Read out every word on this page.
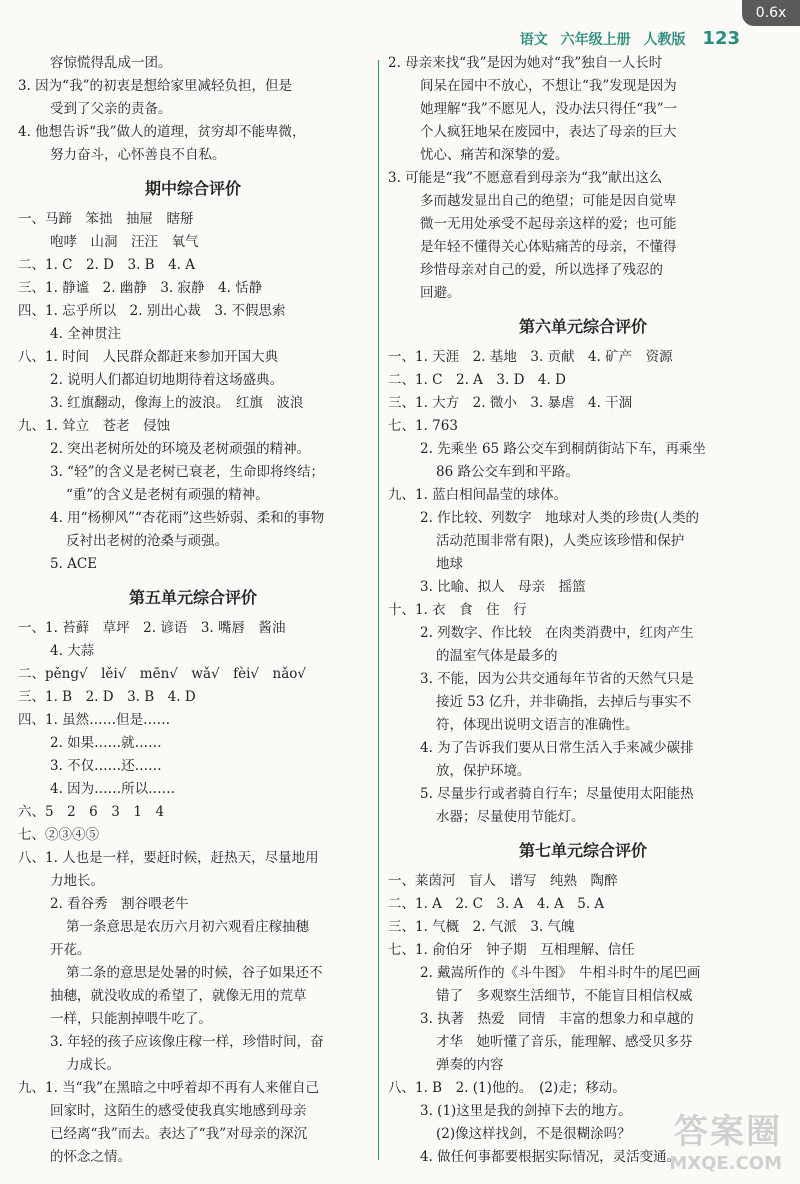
0.6x
语文 六年级上册 人教版 123
容惊慌得乱成一团。
3. 因为“我”的初衷是想给家里减轻负担，但是
受到了父亲的责备。
4. 他想告诉“我”做人的道理，贫穷却不能卑微，
努力奋斗，心怀善良不自私。
期中综合评价
一、马蹄　笨拙　抽屉　瞎掰
咆哮　山洞　汪汪　氧气
二、1. C　2. D　3. B　4. A
三、1. 静谧　2. 幽静　3. 寂静　4. 恬静
四、1. 忘乎所以　2. 别出心裁　3. 不假思索
4. 全神贯注
八、1. 时间　人民群众都赶来参加开国大典
2. 说明人们都迫切地期待着这场盛典。
3. 红旗翻动，像海上的波浪。　红旗　波浪
九、1. 耸立　苍老　侵蚀
2. 突出老树所处的环境及老树顽强的精神。
3. “轻”的含义是老树已衰老，生命即将终结；
“重”的含义是老树有顽强的精神。
4. 用“杨柳风”“杏花雨”这些娇弱、柔和的事物
反衬出老树的沧桑与顽强。
5. ACE
第五单元综合评价
一、1. 苔藓　草坪　2. 谚语　3. 嘴唇　酱油
4. 大蒜
二、pěng√　lěi√　mēn√　wǎ√　fèi√　nǎo√
三、1. B　2. D　3. B　4. D
四、1. 虽然……但是……
2. 如果……就……
3. 不仅……还……
4. 因为……所以……
六、5　2　6　3　1　4
七、②③④⑤
八、1. 人也是一样，要赶时候，赶热天，尽量地用
力地长。
2. 看谷秀　割谷喂老牛
第一条意思是农历六月初六观看庄稼抽穗
开花。
第二条的意思是处暑的时候，谷子如果还不
抽穗，就没收成的希望了，就像无用的荒草
一样，只能割掉喂牛吃了。
3. 年轻的孩子应该像庄稼一样，珍惜时间，奋
力成长。
九、1. 当“我”在黑暗之中呼着却不再有人来催自己
回家时，这陌生的感受使我真实地感到母亲
已经离“我”而去。表达了“我”对母亲的深沉
的怀念之情。
2. 母亲来找“我”是因为她对“我”独自一人长时
间呆在园中不放心，不想让“我”发现是因为
她理解“我”不愿见人，没办法只得任“我”一
个人疯狂地呆在废园中，表达了母亲的巨大
忧心、痛苦和深挚的爱。
3. 可能是“我”不愿意看到母亲为“我”献出这么
多而越发显出自己的绝望；可能是因自觉卑
微一无用处承受不起母亲这样的爱；也可能
是年轻不懂得关心体贴痛苦的母亲，不懂得
珍惜母亲对自己的爱，所以选择了残忍的
回避。
第六单元综合评价
一、1. 天涯　2. 基地　3. 贡献　4. 矿产　资源
二、1. C　2. A　3. D　4. D
三、1. 大方　2. 微小　3. 暴虐　4. 干涸
七、1. 763
2. 先乘坐 65 路公交车到桐荫街站下车，再乘坐
86 路公交车到和平路。
九、1. 蓝白相间晶莹的球体。
2. 作比较、列数字　地球对人类的珍贵(人类的
活动范围非常有限)，人类应该珍惜和保护
地球
3. 比喻、拟人　母亲　摇篮
十、1. 衣　食　住　行
2. 列数字、作比较　在肉类消费中，红肉产生
的温室气体是最多的
3. 不能，因为公共交通每年节省的天然气只是
接近 53 亿升，并非确指，去掉后与事实不
符，体现出说明文语言的准确性。
4. 为了告诉我们要从日常生活入手来减少碳排
放，保护环境。
5. 尽量步行或者骑自行车；尽量使用太阳能热
水器；尽量使用节能灯。
第七单元综合评价
一、莱茵河　盲人　谱写　纯熟　陶醉
二、1. A　2. C　3. A　4. A　5. A
三、1. 气概　2. 气派　3. 气魄
七、1. 俞伯牙　钟子期　互相理解、信任
2. 戴嵩所作的《斗牛图》　牛相斗时牛的尾巴画
错了　多观察生活细节，不能盲目相信权威
3. 执著　热爱　同情　丰富的想象力和卓越的
才华　她听懂了音乐，能理解、感受贝多芬
弹奏的内容
八、1. B　2. (1)他的。　(2)走；移动。
3. (1)这里是我的剑掉下去的地方。
(2)像这样找剑，不是很糊涂吗？
4. 做任何事都要根据实际情况，灵活变通。
答案圈
MXQE.COM
